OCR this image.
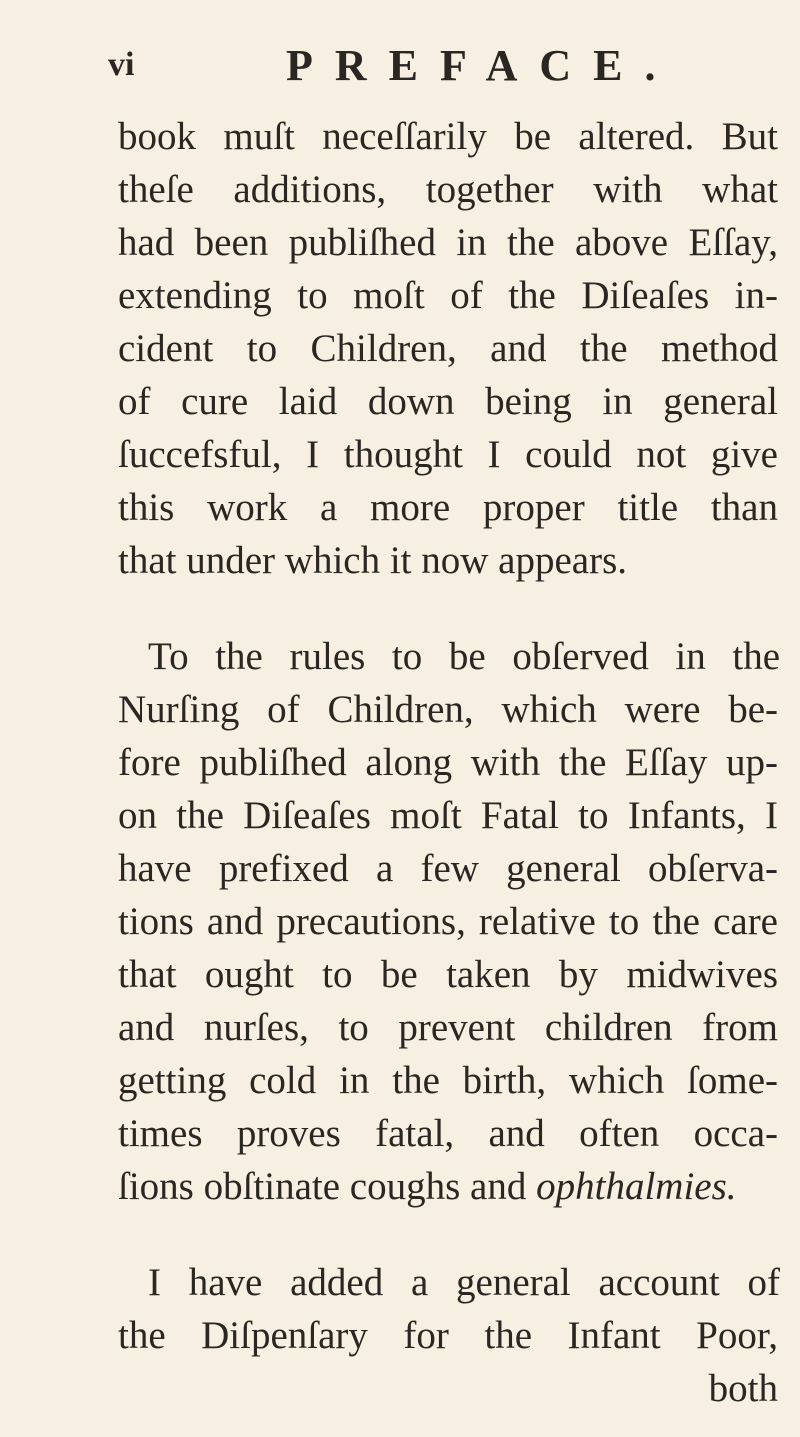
vi	PREFACE.
book muſt neceſſarily be altered. But
theſe additions, together with what
had been publiſhed in the above Eſſay,
extending to moſt of the Diſeaſes in-
cident to Children, and the method
of cure laid down being in general
ſuccefsful, I thought I could not give
this work a more proper title than
that under which it now appears.
To the rules to be obſerved in the
Nurſing of Children, which were be-
fore publiſhed along with the Eſſay up-
on the Diſeaſes moſt Fatal to Infants, I
have prefixed a few general obſerva-
tions and precautions, relative to the care
that ought to be taken by midwives
and nurſes, to prevent children from
getting cold in the birth, which ſome-
times proves fatal, and often occa-
ſions obſtinate coughs and ophthalmies.
I have added a general account of
the Diſpenſary for the Infant Poor,
both
